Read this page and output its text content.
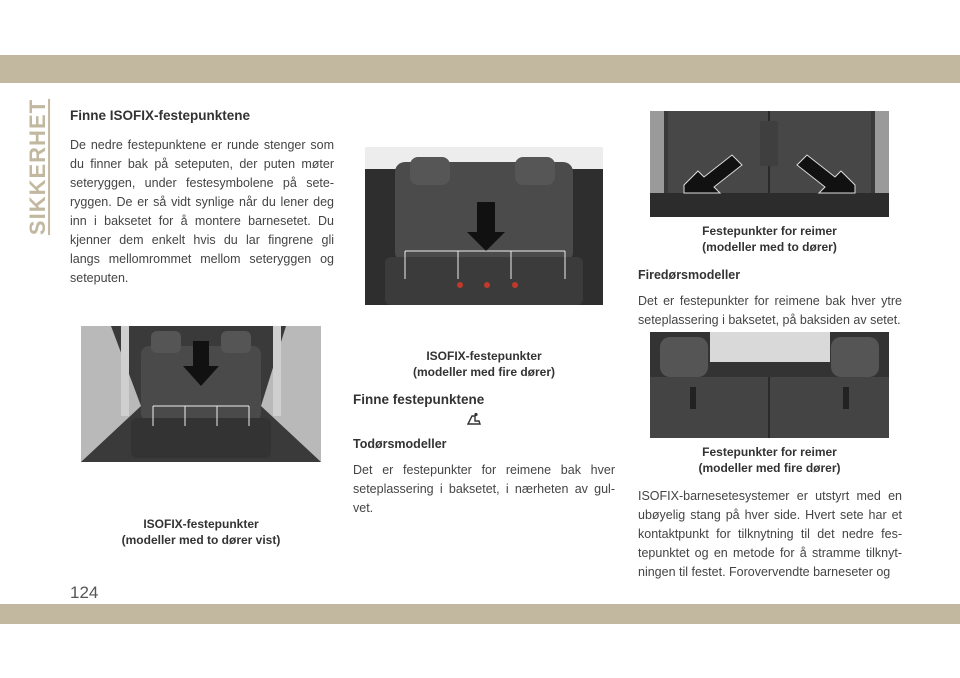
SIKKERHET Finne ISOFIX-festepunktene

De nedre festepunktene er runde stenger som du finner bak på seteputen, der puten møter seteryggen, under festesymbolene på sete-ryggen. De er så vidt synlige når du lener deg inn i baksetet for å montere barnesetet. Du kjenner dem enkelt hvis du lar fingrene gli langs mellomrommet mellom seteryggen og seteputen.

ISOFIX-festepunkter
(modeller med to dører vist)
ISOFIX-festepunkter
(modeller med fire dører)
Finne festepunktene
Todørsmodeller

Det er festepunkter for reimene bak hver seteplassering i baksetet, i nærheten av gul-vet.

Festepunkter for reimer
(modeller med to dører)
Firedørsmodeller

Det er festepunkter for reimene bak hver ytre seteplassering i baksetet, på baksiden av setet.

Festepunkter for reimer
(modeller med fire dører)

ISOFIX-barnesetesystemer er utstyrt med en ubøyelig stang på hver side. Hvert sete har et kontaktpunkt for tilknytning til det nedre fes-tepunktet og en metode for å stramme tilknyt-ningen til festet. Forovervendte barneseter og

124
